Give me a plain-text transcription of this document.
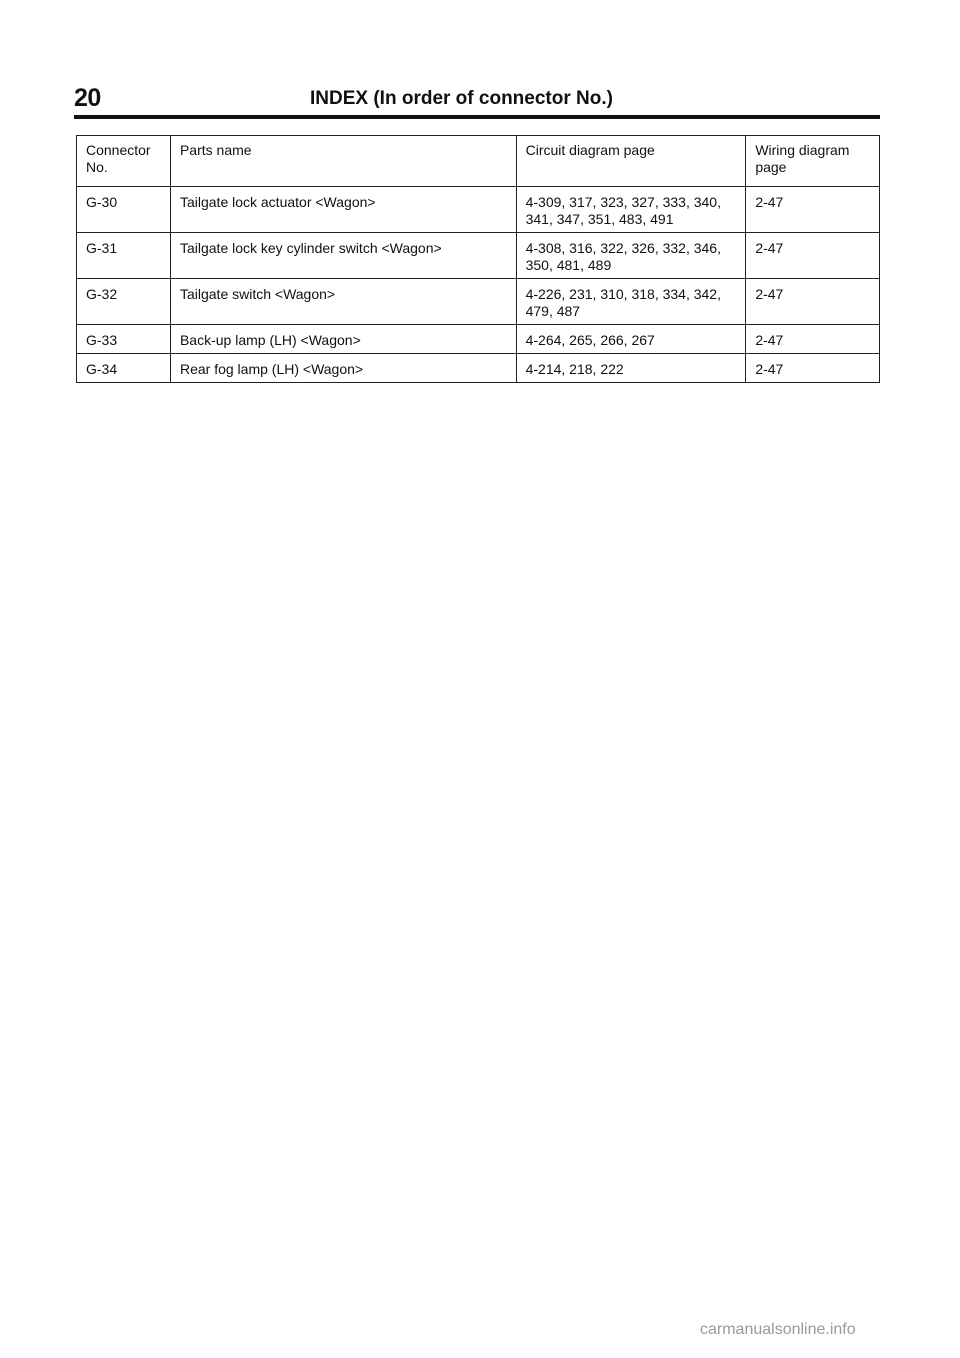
20	INDEX (In order of connector No.)
Connector
No.	Parts name	Circuit diagram page	Wiring diagram
page
G-30	Tailgate lock actuator <Wagon>	4-309, 317, 323, 327, 333, 340,
341, 347, 351, 483, 491	2-47
G-31	Tailgate lock key cylinder switch <Wagon>	4-308, 316, 322, 326, 332, 346,
350, 481, 489	2-47
G-32	Tailgate switch <Wagon>	4-226, 231, 310, 318, 334, 342,
479, 487	2-47
G-33	Back-up lamp (LH) <Wagon>	4-264, 265, 266, 267	2-47
G-34	Rear fog lamp (LH) <Wagon>	4-214, 218, 222	2-47
carmanualsonline.info
